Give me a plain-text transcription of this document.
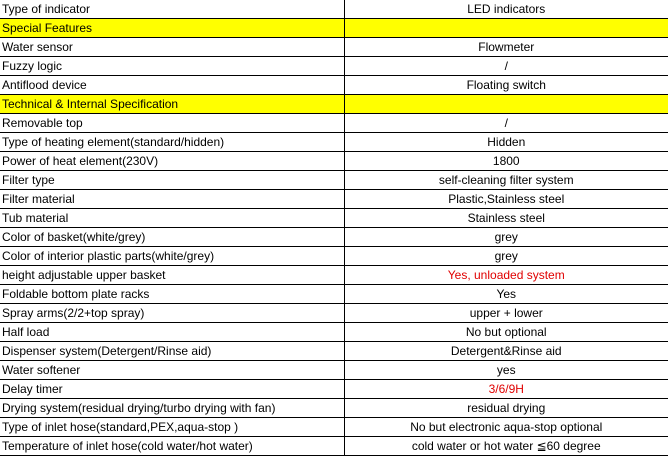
Type of indicator	LED indicators
Special Features	
Water sensor	Flowmeter
Fuzzy logic	/
Antiflood device	Floating switch
Technical & Internal Specification	
Removable top	/
Type of heating element(standard/hidden)	Hidden
Power of heat element(230V)	1800
Filter type	self-cleaning filter system
Filter material	Plastic,Stainless steel
Tub material	Stainless steel
Color of basket(white/grey)	grey
Color of interior plastic parts(white/grey)	grey
height adjustable upper basket	Yes, unloaded system
Foldable bottom plate racks	Yes
Spray arms(2/2+top spray)	upper + lower
Half load	No but optional
Dispenser system(Detergent/Rinse aid)	Detergent&Rinse aid
Water softener	yes
Delay timer	3/6/9H
Drying system(residual drying/turbo drying with fan)	residual drying
Type of inlet hose(standard,PEX,aqua-stop )	No but electronic aqua-stop optional
Temperature of inlet hose(cold water/hot water)	cold water or hot water ≦60 degree
